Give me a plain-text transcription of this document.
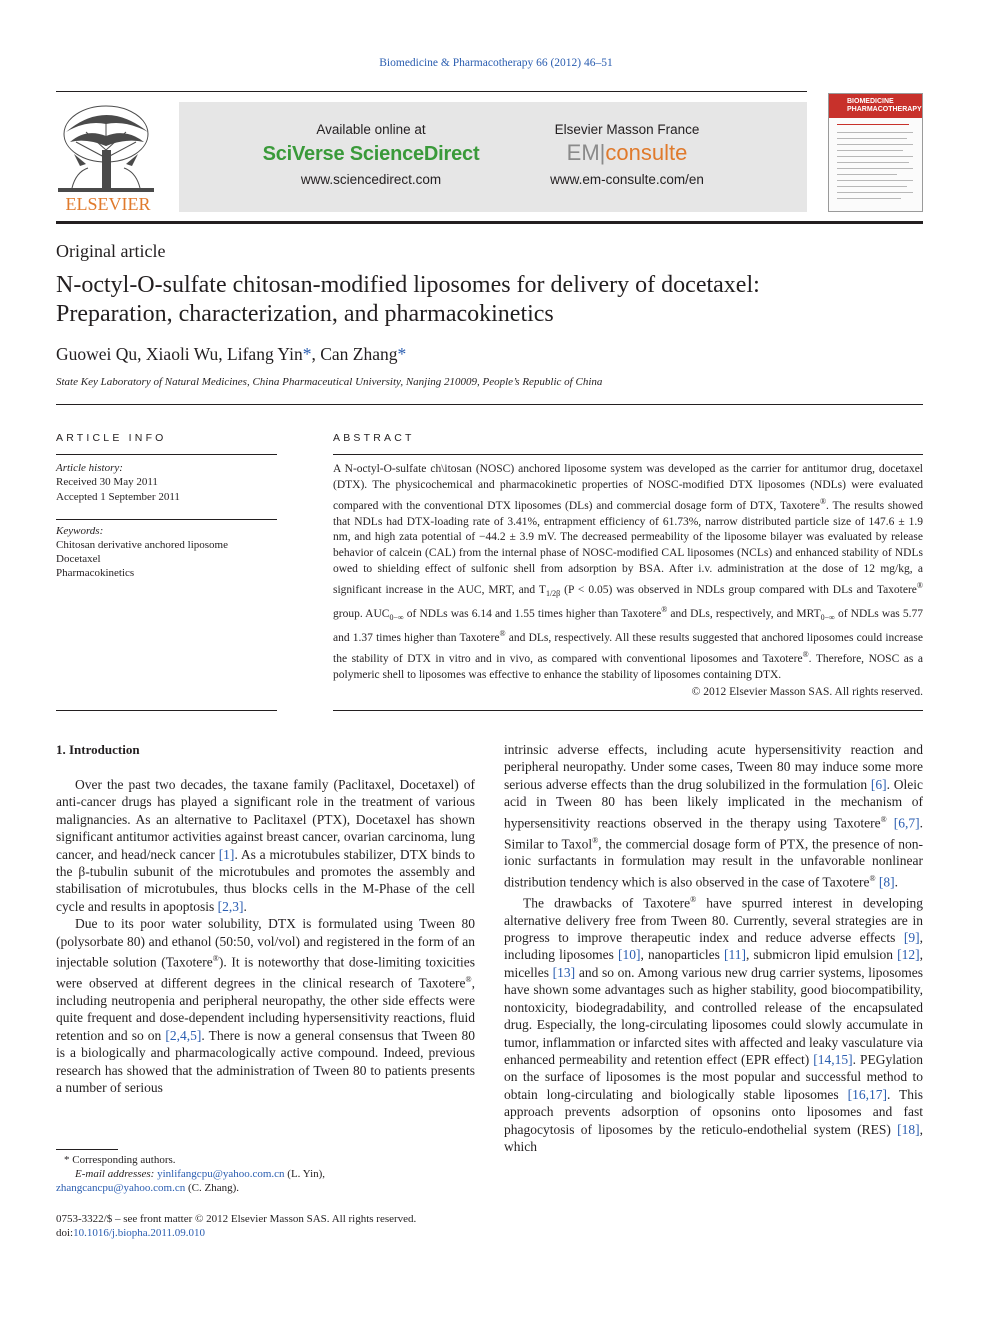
Biomedicine & Pharmacotherapy 66 (2012) 46–51
ELSEVIER
Available online at
SciVerse ScienceDirect
www.sciencedirect.com
Elsevier Masson France
EM|consulte
www.em-consulte.com/en
BIOMEDICINE
PHARMACOTHERAPY
Original article
N-octyl-O-sulfate chitosan-modified liposomes for delivery of docetaxel:
Preparation, characterization, and pharmacokinetics
Guowei Qu, Xiaoli Wu, Lifang Yin*, Can Zhang*
State Key Laboratory of Natural Medicines, China Pharmaceutical University, Nanjing 210009, People’s Republic of China
ARTICLE INFO
Article history:
Received 30 May 2011
Accepted 1 September 2011
Keywords:
Chitosan derivative anchored liposome
Docetaxel
Pharmacokinetics
ABSTRACT
A N-octyl-O-sulfate ch\itosan (NOSC) anchored liposome system was developed as the carrier for antitumor drug, docetaxel (DTX). The physicochemical and pharmacokinetic properties of NOSC-modified DTX liposomes (NDLs) were evaluated compared with the conventional DTX liposomes (DLs) and commercial dosage form of DTX, Taxotere®. The results showed that NDLs had DTX-loading rate of 3.41%, entrapment efficiency of 61.73%, narrow distributed particle size of 147.6 ± 1.9 nm, and high zata potential of −44.2 ± 3.9 mV. The decreased permeability of the liposome bilayer was evaluated by release behavior of calcein (CAL) from the internal phase of NOSC-modified CAL liposomes (NCLs) and enhanced stability of NDLs owed to shielding effect of sulfonic shell from adsorption by BSA. After i.v. administration at the dose of 12 mg/kg, a significant increase in the AUC, MRT, and $T_{1/2\beta}$ (P < 0.05) was observed in NDLs group compared with DLs and Taxotere® group. $AUC_{0-\infty}$ of NDLs was 6.14 and 1.55 times higher than Taxotere® and DLs, respectively, and $MRT_{0-\infty}$ of NDLs was 5.77 and 1.37 times higher than Taxotere® and DLs, respectively. All these results suggested that anchored liposomes could increase the stability of DTX in vitro and in vivo, as compared with conventional liposomes and Taxotere®. Therefore, NOSC as a polymeric shell to liposomes was effective to enhance the stability of liposomes containing DTX.
© 2012 Elsevier Masson SAS. All rights reserved.
1. Introduction

Over the past two decades, the taxane family (Paclitaxel, Docetaxel) of anti-cancer drugs has played a significant role in the treatment of various malignancies. As an alternative to Paclitaxel (PTX), Docetaxel has shown significant antitumor activities against breast cancer, ovarian carcinoma, lung cancer, and head/neck cancer [1]. As a microtubules stabilizer, DTX binds to the β-tubulin subunit of the microtubules and promotes the assembly and stabilisation of microtubules, thus blocks cells in the M-Phase of the cell cycle and results in apoptosis [2,3].

Due to its poor water solubility, DTX is formulated using Tween 80 (polysorbate 80) and ethanol (50:50, vol/vol) and registered in the form of an injectable solution (Taxotere®). It is noteworthy that dose-limiting toxicities were observed at different degrees in the clinical research of Taxotere®, including neutropenia and peripheral neuropathy, the other side effects were quite frequent and dose-dependent including hypersensitivity reactions, fluid retention and so on [2,4,5]. There is now a general consensus that Tween 80 is a biologically and pharmacologically active compound. Indeed, previous research has showed that the administration of Tween 80 to patients presents a number of serious

intrinsic adverse effects, including acute hypersensitivity reaction and peripheral neuropathy. Under some cases, Tween 80 may induce some more serious adverse effects than the drug solubilized in the formulation [6]. Oleic acid in Tween 80 has been likely implicated in the mechanism of hypersensitivity reactions observed in the therapy using Taxotere® [6,7]. Similar to Taxol®, the commercial dosage form of PTX, the presence of non-ionic surfactants in formulation may result in the unfavorable nonlinear distribution tendency which is also observed in the case of Taxotere® [8].

The drawbacks of Taxotere® have spurred interest in developing alternative delivery free from Tween 80. Currently, several strategies are in progress to improve therapeutic index and reduce adverse effects [9], including liposomes [10], nanoparticles [11], submicron lipid emulsion [12], micelles [13] and so on. Among various new drug carrier systems, liposomes have shown some advantages such as higher stability, good biocompatibility, nontoxicity, biodegradability, and controlled release of the encapsulated drug. Especially, the long-circulating liposomes could slowly accumulate in tumor, inflammation or infarcted sites with affected and leaky vasculature via enhanced permeability and retention effect (EPR effect) [14,15]. PEGylation on the surface of liposomes is the most popular and successful method to obtain long-circulating and biologically stable liposomes [16,17]. This approach prevents adsorption of opsonins onto liposomes and fast phagocytosis of liposomes by the reticulo-endothelial system (RES) [18], which

* Corresponding authors.
E-mail addresses: yinlifangcpu@yahoo.com.cn (L. Yin),
zhangcancpu@yahoo.com.cn (C. Zhang).
0753-3322/$ – see front matter © 2012 Elsevier Masson SAS. All rights reserved.
doi:10.1016/j.biopha.2011.09.010
